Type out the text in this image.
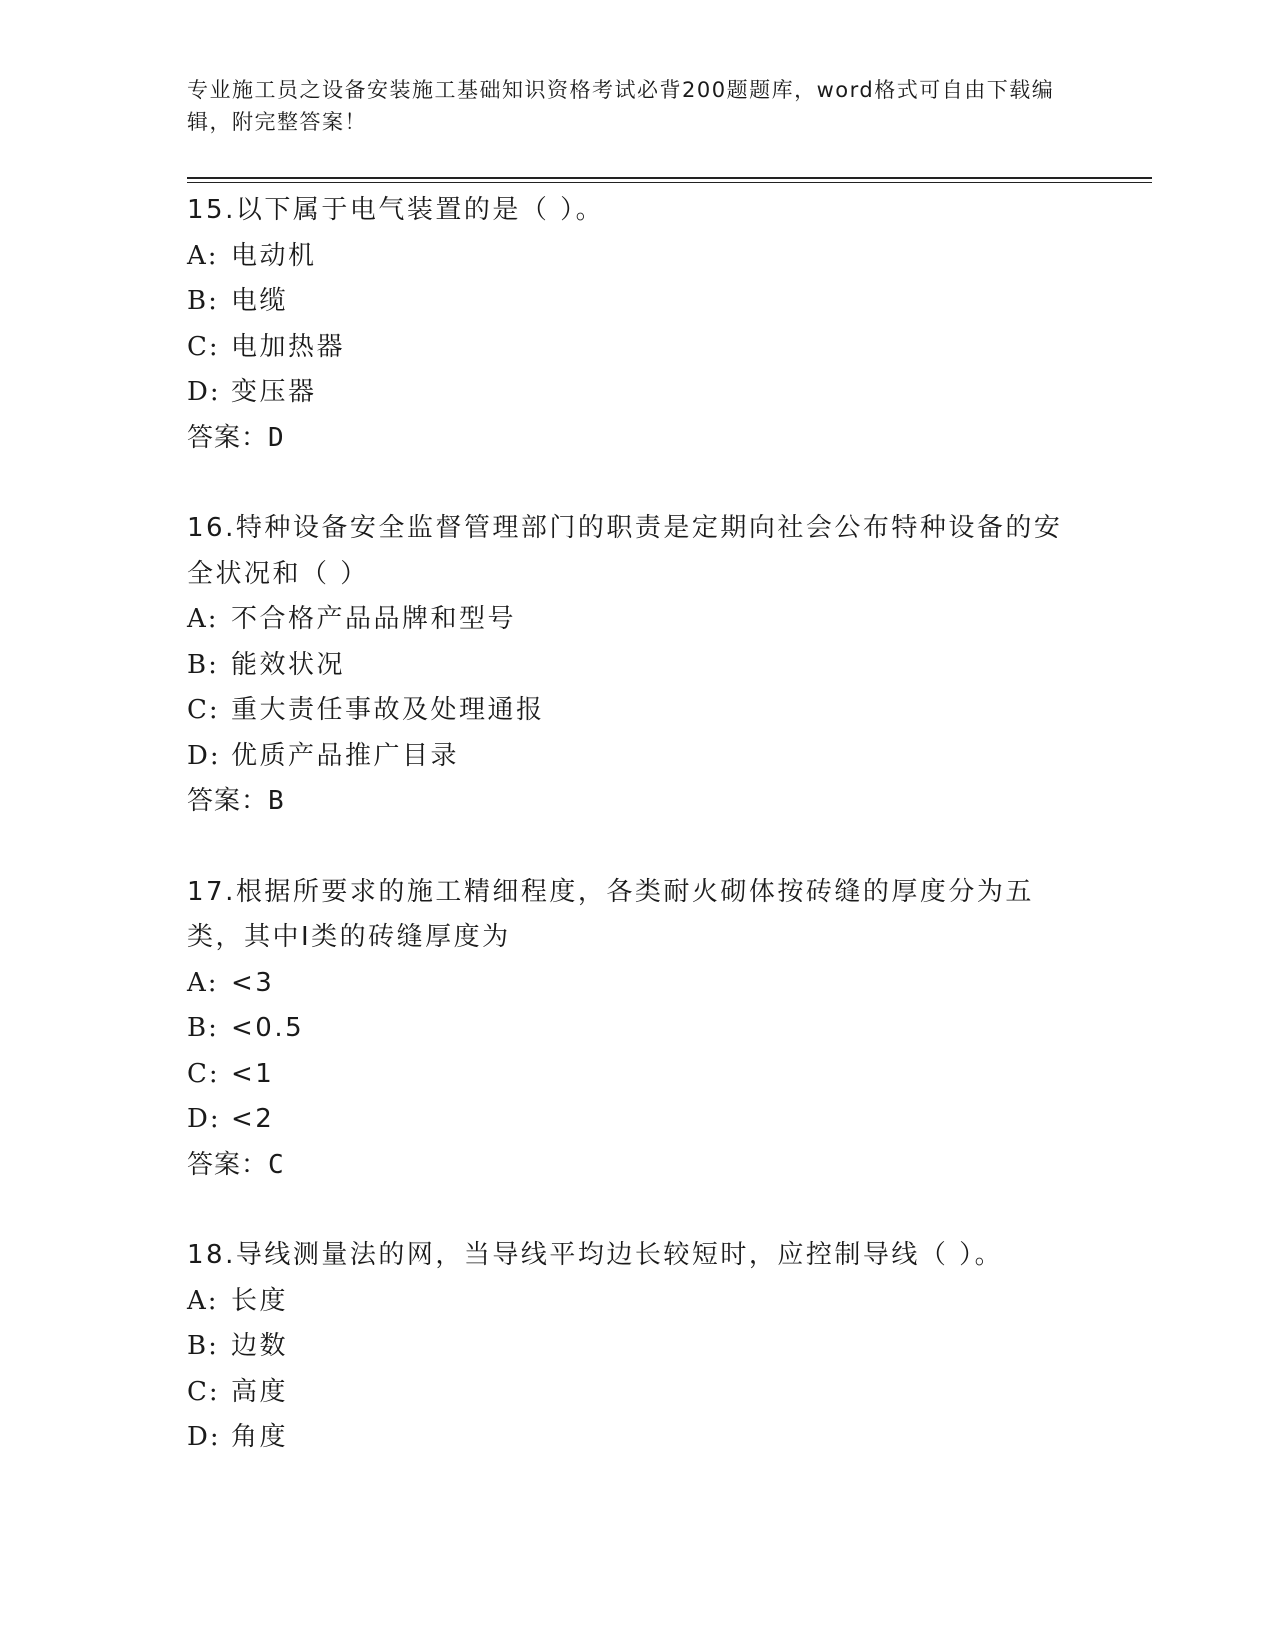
专业施工员之设备安装施工基础知识资格考试必背200题题库，word格式可自由下载编辑，附完整答案！

15.以下属于电气装置的是（ ）。

A: 电动机
B: 电缆
C: 电加热器
D: 变压器
答案：D

16.特种设备安全监督管理部门的职责是定期向社会公布特种设备的安全状况和（ ）

A: 不合格产品品牌和型号
B: 能效状况
C: 重大责任事故及处理通报
D: 优质产品推广目录
答案：B

17.根据所要求的施工精细程度，各类耐火砌体按砖缝的厚度分为五类，其中Ⅰ类的砖缝厚度为

A: <3
B: <0.5
C: <1
D: <2
答案：C

18.导线测量法的网，当导线平均边长较短时，应控制导线（ ）。

A: 长度
B: 边数
C: 高度
D: 角度
